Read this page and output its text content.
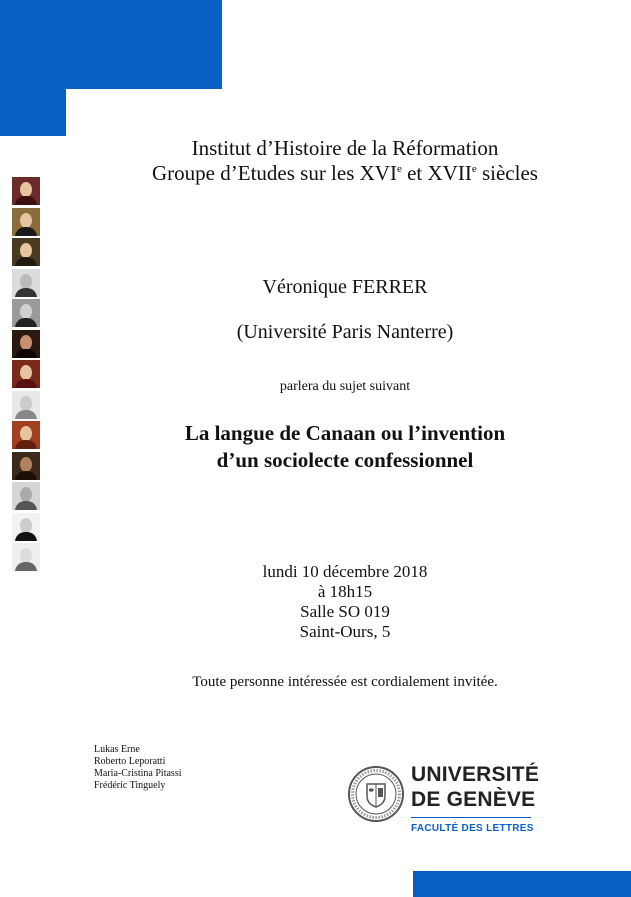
Institut d’Histoire de la Réformation
Groupe d’Etudes sur les XVIe et XVIIe siècles
Véronique FERRER
(Université Paris Nanterre)
parlera du sujet suivant
La langue de Canaan ou l’invention
d’un sociolecte confessionnel
lundi 10 décembre 2018
à 18h15
Salle SO 019
Saint-Ours, 5
Toute personne intéressée est cordialement invitée.
Lukas Erne
Roberto Leporatti
Maria-Cristina Pitassi
Frédéric Tinguely	UNIVERSITÉ
DE GENÈVE
FACULTÉ DES LETTRES
